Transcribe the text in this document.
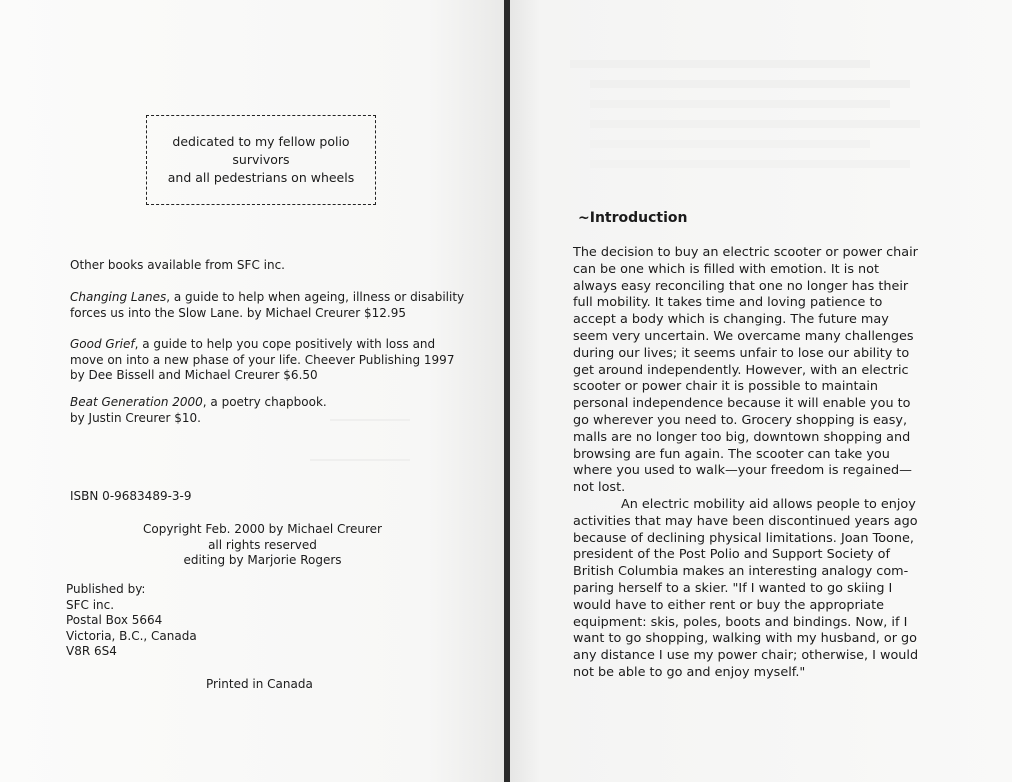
dedicated to my fellow polio
survivors
and all pedestrians on wheels
Other books available from SFC inc.
Changing Lanes, a guide to help when ageing, illness or disability
forces us into the Slow Lane. by Michael Creurer $12.95
Good Grief, a guide to help you cope positively with loss and
move on into a new phase of your life. Cheever Publishing 1997
by Dee Bissell and Michael Creurer $6.50
Beat Generation 2000, a poetry chapbook.
by Justin Creurer $10.
ISBN 0-9683489-3-9
Copyright Feb. 2000 by Michael Creurer
all rights reserved
editing by Marjorie Rogers
Published by:
SFC inc.
Postal Box 5664
Victoria, B.C., Canada
V8R 6S4
Printed in Canada
~Introduction

The decision to buy an electric scooter or power chair can be one which is filled with emotion. It is not always easy reconciling that one no longer has their full mobility. It takes time and loving patience to accept a body which is changing. The future may seem very uncertain. We overcame many challenges during our lives; it seems unfair to lose our ability to get around independently. However, with an electric scooter or power chair it is possible to maintain personal independence because it will enable you to go wherever you need to. Grocery shopping is easy, malls are no longer too big, downtown shopping and browsing are fun again. The scooter can take you where you used to walk—your freedom is regained—not lost.

An electric mobility aid allows people to enjoy activities that may have been discontinued years ago because of declining physical limitations. Joan Toone, president of the Post Polio and Support Society of British Columbia makes an interesting analogy com-paring herself to a skier. "If I wanted to go skiing I would have to either rent or buy the appropriate equipment: skis, poles, boots and bindings. Now, if I want to go shopping, walking with my husband, or go any distance I use my power chair; otherwise, I would not be able to go and enjoy myself."
